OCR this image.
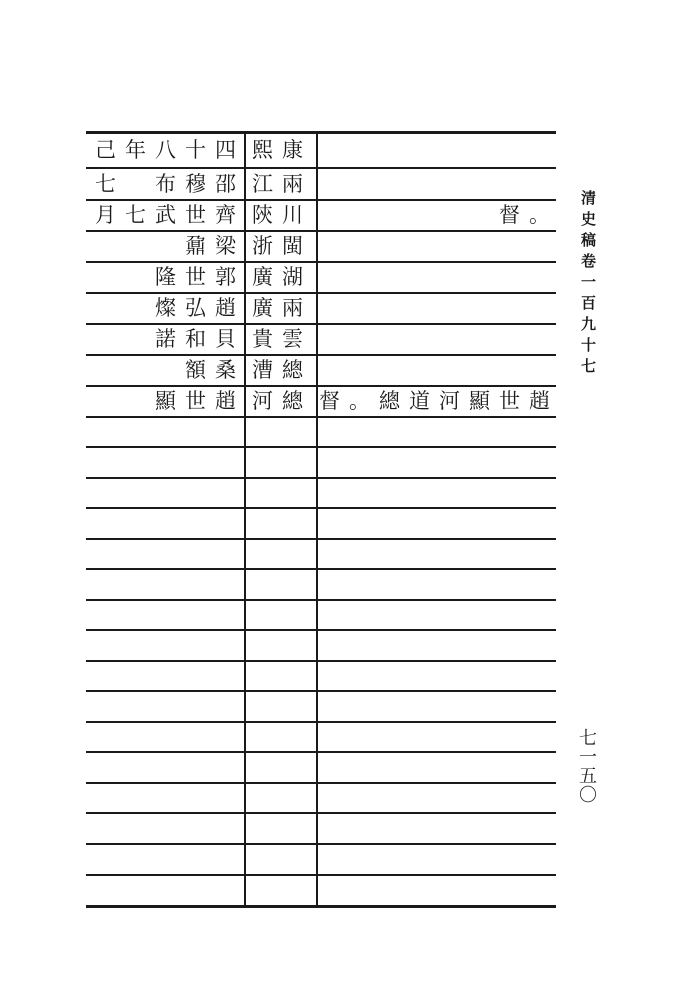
己年八十四 熙康
七　布穆邵 江兩
月七武世齊 陝川	督。
鼐梁 浙閩
隆世郭 廣湖
燦弘趙 廣兩
諾和貝 貴雲
額桑 漕總
顯世趙 河總 督。總道河顯世趙
清史稿卷一百九十七
七一五〇
